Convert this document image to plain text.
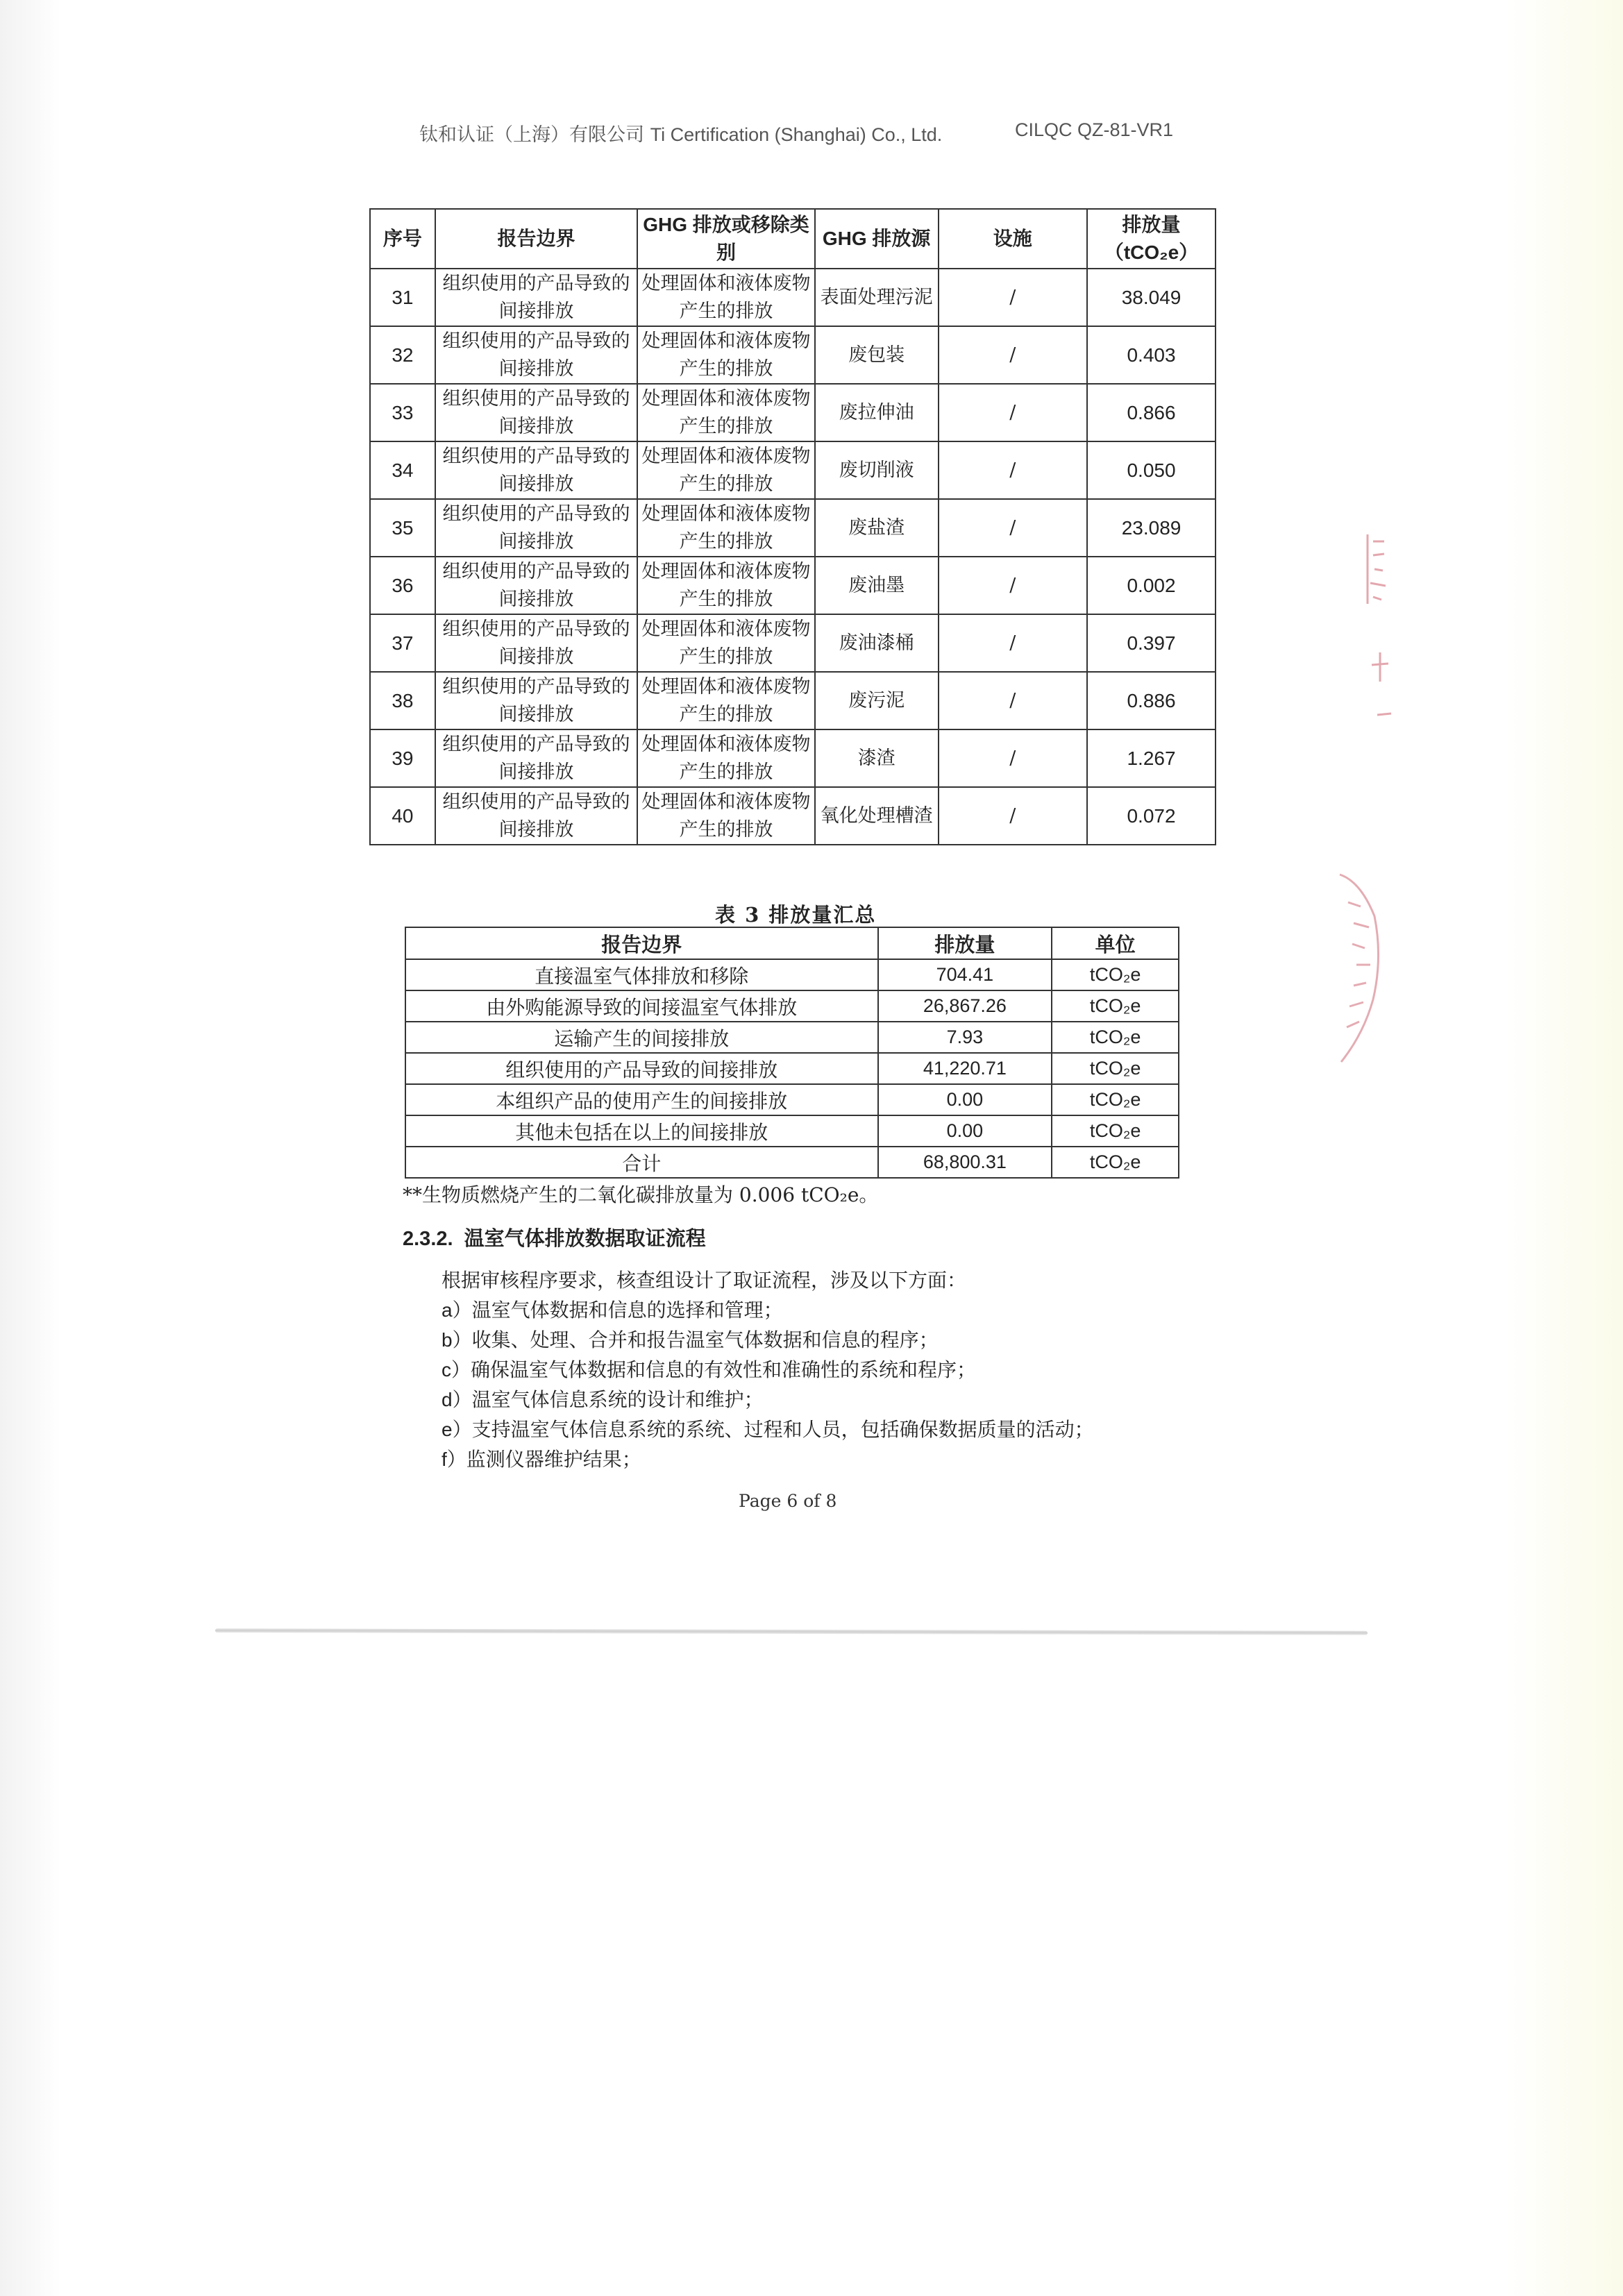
钛和认证（上海）有限公司 Ti Certification (Shanghai) Co., Ltd.	CILQC QZ-81-VR1
序号	报告边界	GHG 排放或移除类别	GHG 排放源	设施	排放量
（tCO₂e）
31	组织使用的产品导致的间接排放	处理固体和液体废物产生的排放	表面处理污泥	/	38.049
32	组织使用的产品导致的间接排放	处理固体和液体废物产生的排放	废包装	/	0.403
33	组织使用的产品导致的间接排放	处理固体和液体废物产生的排放	废拉伸油	/	0.866
34	组织使用的产品导致的间接排放	处理固体和液体废物产生的排放	废切削液	/	0.050
35	组织使用的产品导致的间接排放	处理固体和液体废物产生的排放	废盐渣	/	23.089
36	组织使用的产品导致的间接排放	处理固体和液体废物产生的排放	废油墨	/	0.002
37	组织使用的产品导致的间接排放	处理固体和液体废物产生的排放	废油漆桶	/	0.397
38	组织使用的产品导致的间接排放	处理固体和液体废物产生的排放	废污泥	/	0.886
39	组织使用的产品导致的间接排放	处理固体和液体废物产生的排放	漆渣	/	1.267
40	组织使用的产品导致的间接排放	处理固体和液体废物产生的排放	氧化处理槽渣	/	0.072
表 3 排放量汇总
报告边界	排放量	单位
直接温室气体排放和移除	704.41	tCO₂e
由外购能源导致的间接温室气体排放	26,867.26	tCO₂e
运输产生的间接排放	7.93	tCO₂e
组织使用的产品导致的间接排放	41,220.71	tCO₂e
本组织产品的使用产生的间接排放	0.00	tCO₂e
其他未包括在以上的间接排放	0.00	tCO₂e
合计	68,800.31	tCO₂e
**生物质燃烧产生的二氧化碳排放量为 0.006 tCO₂e。
2.3.2. 温室气体排放数据取证流程
根据审核程序要求，核查组设计了取证流程，涉及以下方面：
a）温室气体数据和信息的选择和管理；
b）收集、处理、合并和报告温室气体数据和信息的程序；
c）确保温室气体数据和信息的有效性和准确性的系统和程序；
d）温室气体信息系统的设计和维护；
e）支持温室气体信息系统的系统、过程和人员，包括确保数据质量的活动；
f）监测仪器维护结果；
Page 6 of 8
